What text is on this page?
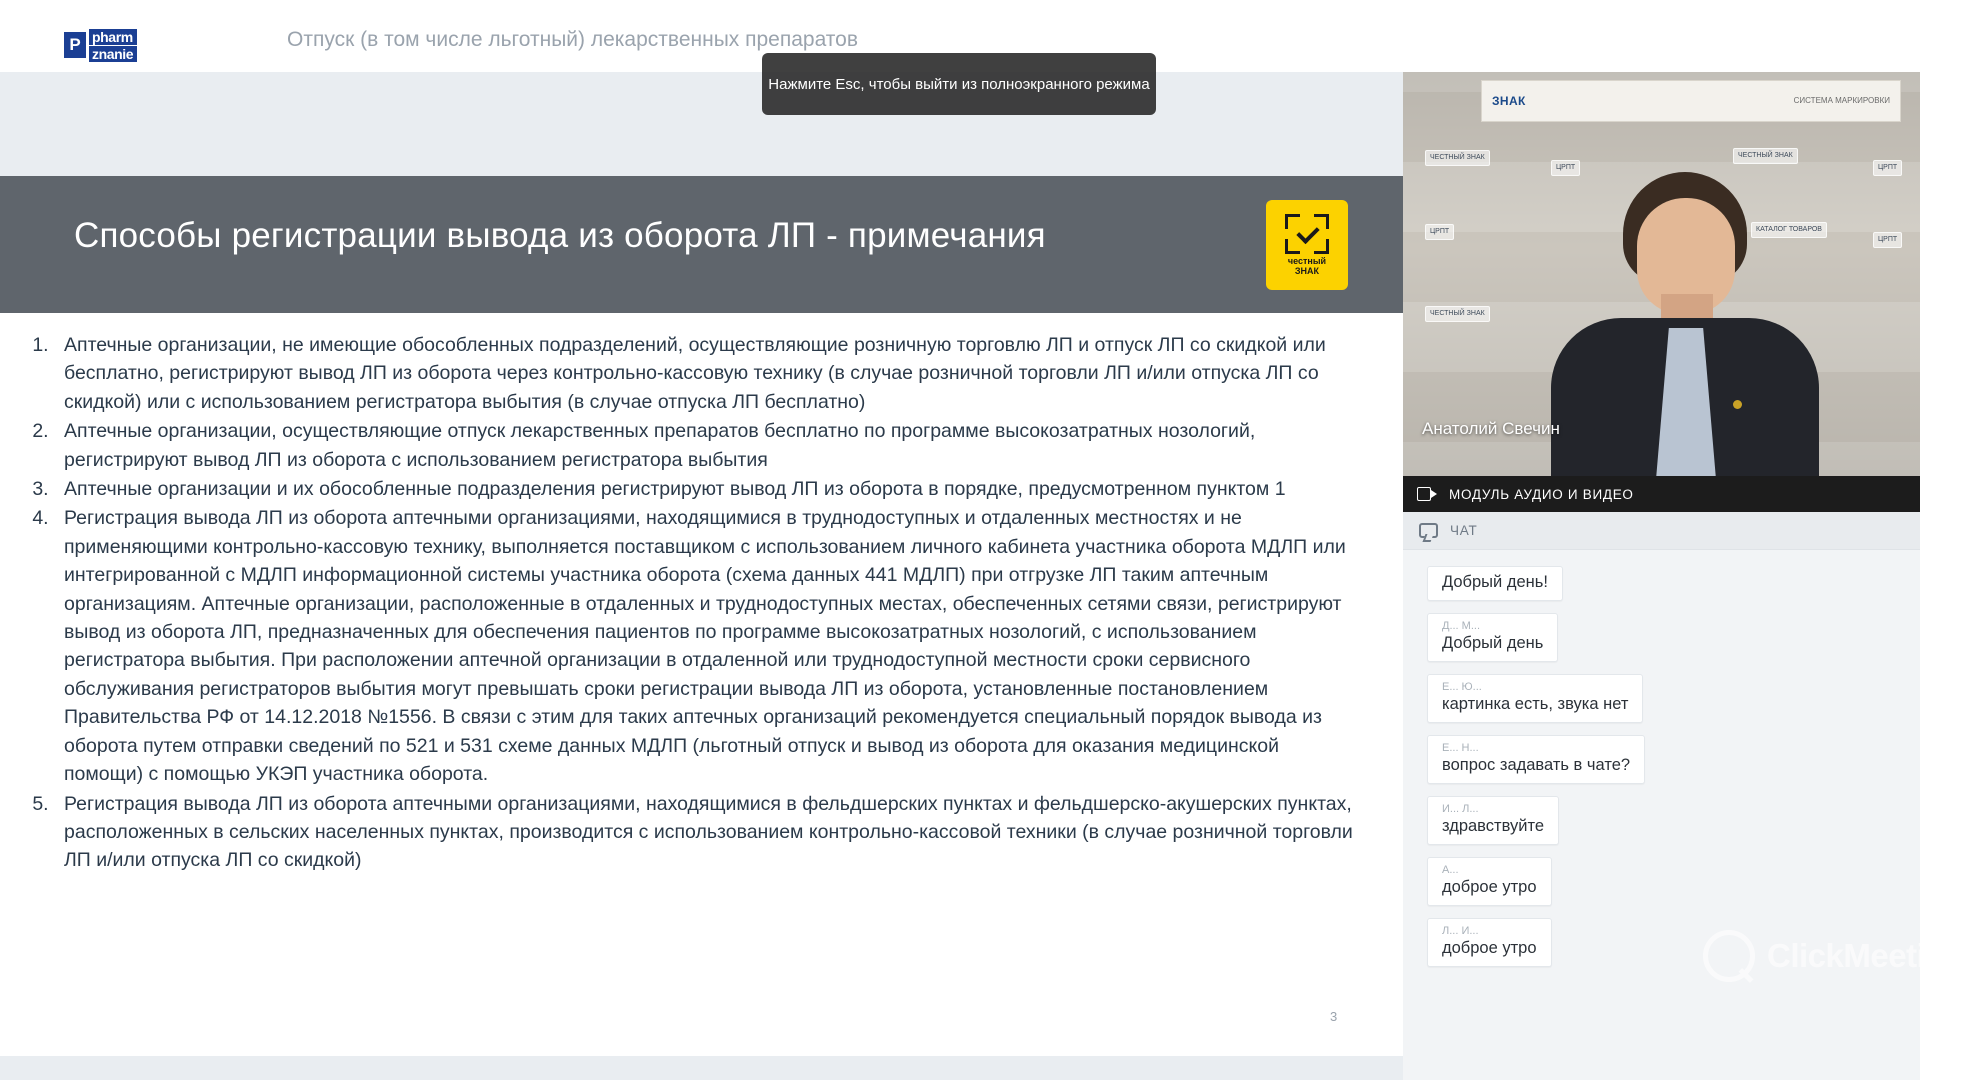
P pharm
znanie
Отпуск (в том числе льготный) лекарственных препаратов
Нажмите Esc, чтобы выйти из полноэкранного режима
Способы регистрации вывода из оборота ЛП - примечания
честный
ЗНАК
1. Аптечные организации, не имеющие обособленных подразделений, осуществляющие розничную торговлю ЛП и отпуск ЛП со скидкой или бесплатно, регистрируют вывод ЛП из оборота через контрольно-кассовую технику (в случае розничной торговли ЛП и/или отпуска ЛП со скидкой) или с использованием регистратора выбытия (в случае отпуска ЛП бесплатно)
2. Аптечные организации, осуществляющие отпуск лекарственных препаратов бесплатно по программе высокозатратных нозологий, регистрируют вывод ЛП из оборота с использованием регистратора выбытия
3. Аптечные организации и их обособленные подразделения регистрируют вывод ЛП из оборота в порядке, предусмотренном пунктом 1
4. Регистрация вывода ЛП из оборота аптечными организациями, находящимися в труднодоступных и отдаленных местностях и не применяющими контрольно-кассовую технику, выполняется поставщиком с использованием личного кабинета участника оборота МДЛП или интегрированной с МДЛП информационной системы участника оборота (схема данных 441 МДЛП) при отгрузке ЛП таким аптечным организациям. Аптечные организации, расположенные в отдаленных и труднодоступных местах, обеспеченных сетями связи, регистрируют вывод из оборота ЛП, предназначенных для обеспечения пациентов по программе высокозатратных нозологий, с использованием регистратора выбытия. При расположении аптечной организации в отдаленной или труднодоступной местности сроки сервисного обслуживания регистраторов выбытия могут превышать сроки регистрации вывода ЛП из оборота, установленные постановлением Правительства РФ от 14.12.2018 №1556. В связи с этим для таких аптечных организаций рекомендуется специальный порядок вывода из оборота путем отправки сведений по 521 и 531 схеме данных МДЛП (льготный отпуск и вывод из оборота для оказания медицинской помощи) с помощью УКЭП участника оборота.
5. Регистрация вывода ЛП из оборота аптечными организациями, находящимися в фельдшерских пунктах и фельдшерско-акушерских пунктах, расположенных в сельских населенных пунктах, производится с использованием контрольно-кассовой техники (в случае розничной торговли ЛП и/или отпуска ЛП со скидкой)
3
ЗНАК	СИСТЕМА МАРКИРОВКИ
ЧЕСТНЫЙ ЗНАК
ЦРПТ
ЧЕСТНЫЙ ЗНАК
ЦРПТ
ЦРПТ	КАТАЛОГ ТОВАРОВ
ЦРПТ
ЧЕСТНЫЙ ЗНАК
Анатолий Свечин
МОДУЛЬ АУДИО И ВИДЕО
ЧАТ
Добрый день!
Д... М...
Добрый день
Е... Ю...
картинка есть, звука нет
Е... Н...
вопрос задавать в чате?
И... Л...
здравствуйте
А...
доброе утро
Л... И...
доброе утро	ClickMeeting
